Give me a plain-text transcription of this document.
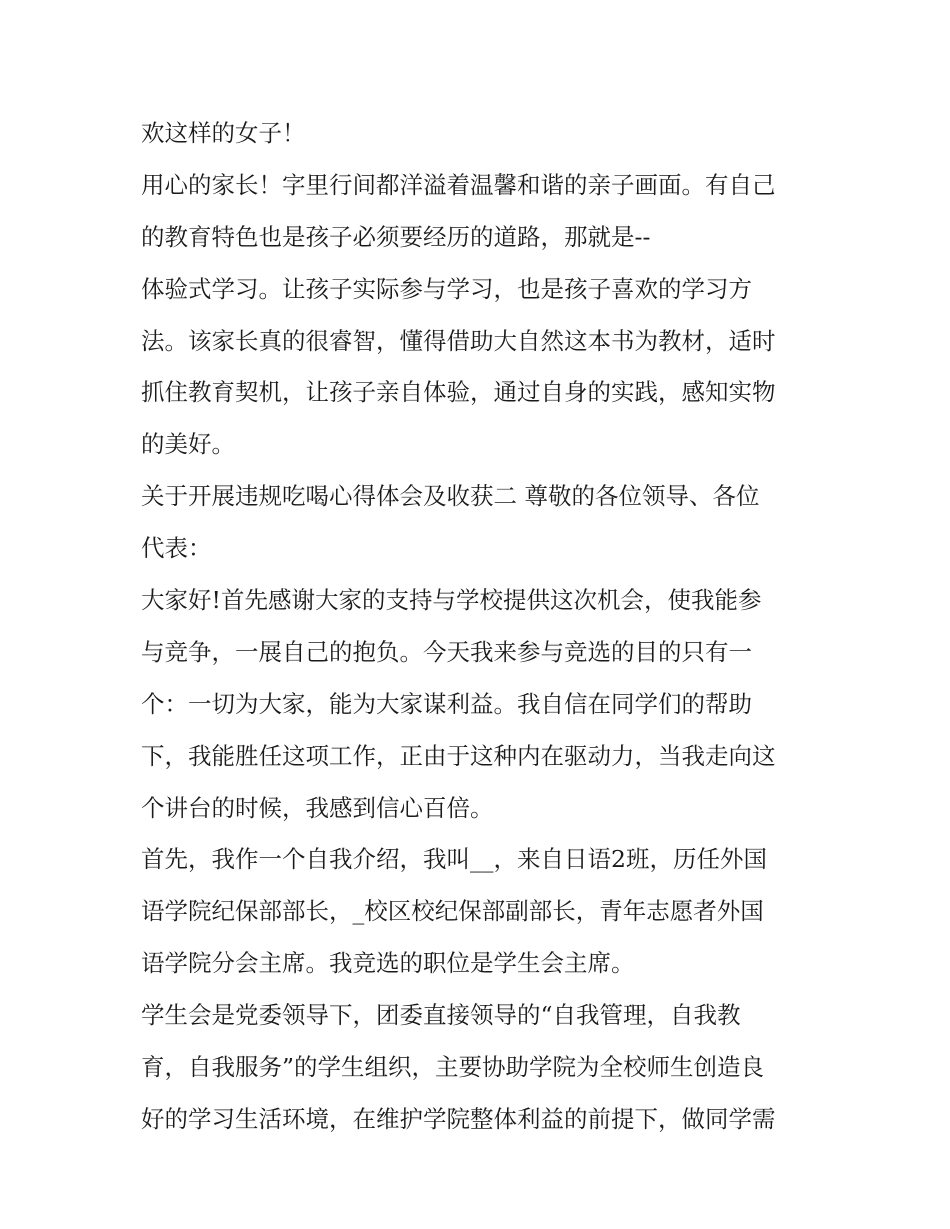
欢这样的女子！
用心的家长！字里行间都洋溢着温馨和谐的亲子画面。有自己
的教育特色也是孩子必须要经历的道路，那就是--
体验式学习。让孩子实际参与学习，也是孩子喜欢的学习方
法。该家长真的很睿智，懂得借助大自然这本书为教材，适时
抓住教育契机，让孩子亲自体验，通过自身的实践，感知实物
的美好。
关于开展违规吃喝心得体会及收获二 尊敬的各位领导、各位
代表：
大家好!首先感谢大家的支持与学校提供这次机会，使我能参
与竞争，一展自己的抱负。今天我来参与竞选的目的只有一
个：一切为大家，能为大家谋利益。我自信在同学们的帮助
下，我能胜任这项工作，正由于这种内在驱动力，当我走向这
个讲台的时候，我感到信心百倍。
首先，我作一个自我介绍，我叫__，来自日语2班，历任外国
语学院纪保部部长，_校区校纪保部副部长，青年志愿者外国
语学院分会主席。我竞选的职位是学生会主席。
学生会是党委领导下，团委直接领导的“自我管理，自我教
育，自我服务”的学生组织，主要协助学院为全校师生创造良
好的学习生活环境，在维护学院整体利益的前提下，做同学需
